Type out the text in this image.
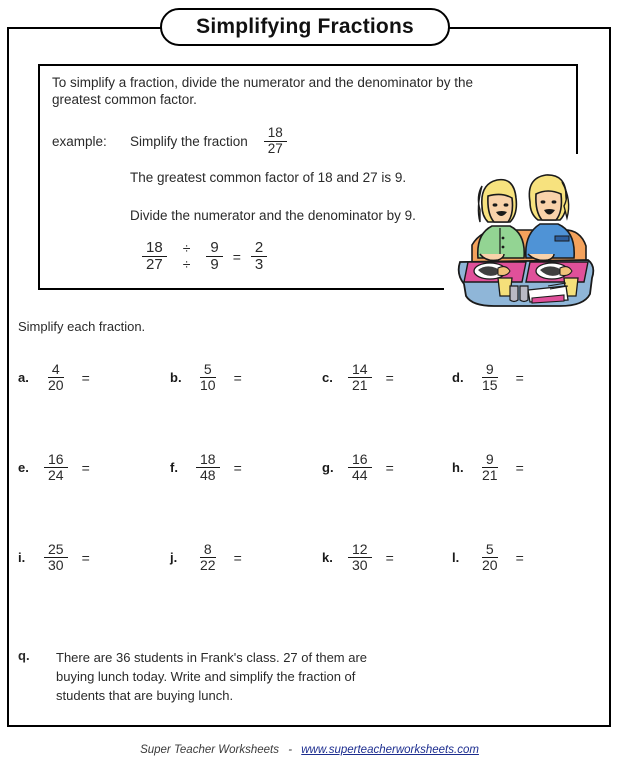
Simplifying Fractions
To simplify a fraction, divide the numerator and the denominator by the greatest common factor.
example:	Simplify the fraction $\frac{18}{27}$
The greatest common factor of 18 and 27 is 9.
Divide the numerator and the denominator by 9.
$\frac{18}{27}$ ÷
÷ $\frac{9}{9} = \frac{2}{3}$
Simplify each fraction.
a.	$\frac{4}{20}$ =	b.	$\frac{5}{10}$ =	c.	$\frac{14}{21}$ =	d.	$\frac{9}{15}$ =
e.	$\frac{16}{24}$ =	f.	$\frac{18}{48}$ =	g.	$\frac{16}{44}$ =	h.	$\frac{9}{21}$ =
i.	$\frac{25}{30}$ =	j.	$\frac{8}{22}$ =	k.	$\frac{12}{30}$ =	l.	$\frac{5}{20}$ =
q.	There are 36 students in Frank's class. 27 of them are buying lunch today. Write and simplify the fraction of students that are buying lunch.
Super Teacher Worksheets - www.superteacherworksheets.com
